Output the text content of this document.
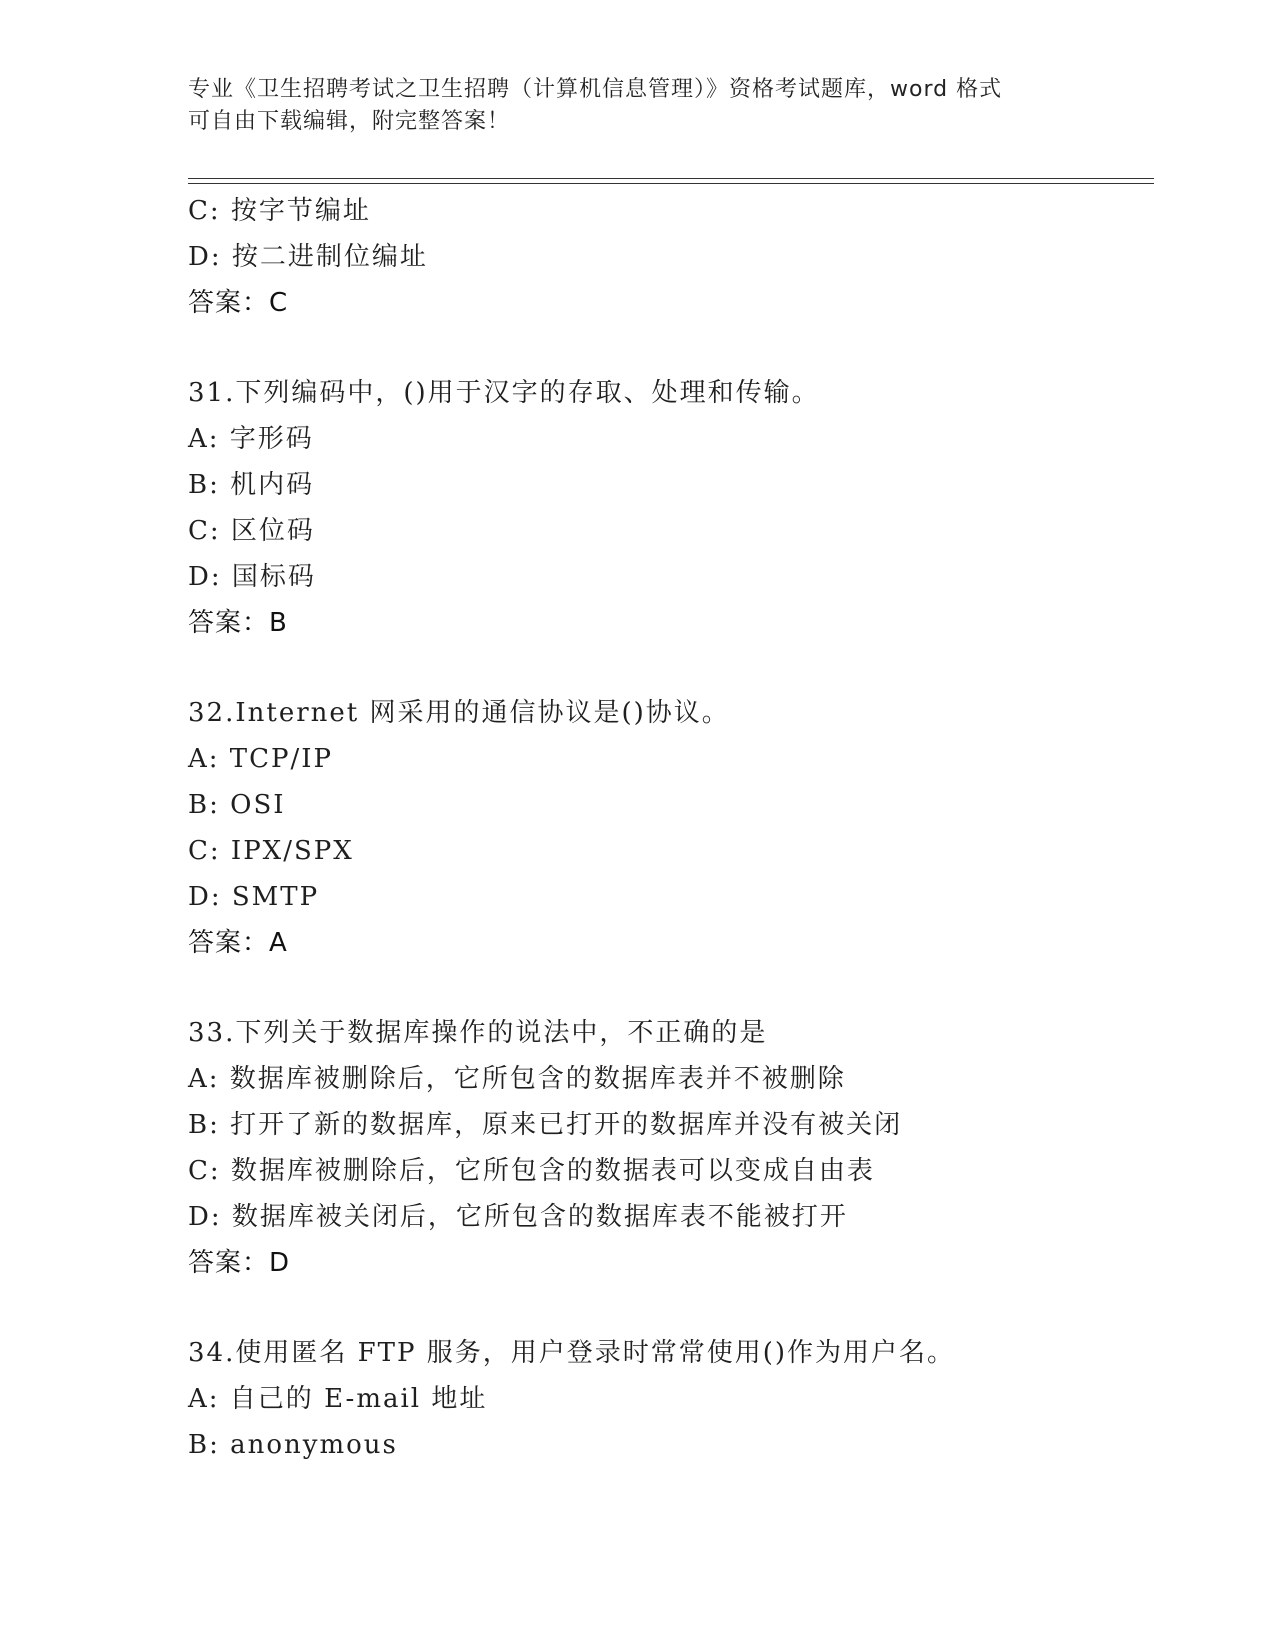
专业《卫生招聘考试之卫生招聘（计算机信息管理）》资格考试题库，word 格式
可自由下载编辑，附完整答案！
C: 按字节编址
D: 按二进制位编址
答案：C
31.下列编码中，()用于汉字的存取、处理和传输。
A: 字形码
B: 机内码
C: 区位码
D: 国标码
答案：B
32.Internet 网采用的通信协议是()协议。
A: TCP/IP
B: OSI
C: IPX/SPX
D: SMTP
答案：A
33.下列关于数据库操作的说法中，不正确的是
A: 数据库被删除后，它所包含的数据库表并不被删除
B: 打开了新的数据库，原来已打开的数据库并没有被关闭
C: 数据库被删除后，它所包含的数据表可以变成自由表
D: 数据库被关闭后，它所包含的数据库表不能被打开
答案：D
34.使用匿名 FTP 服务，用户登录时常常使用()作为用户名。
A: 自己的 E-mail 地址
B: anonymous
